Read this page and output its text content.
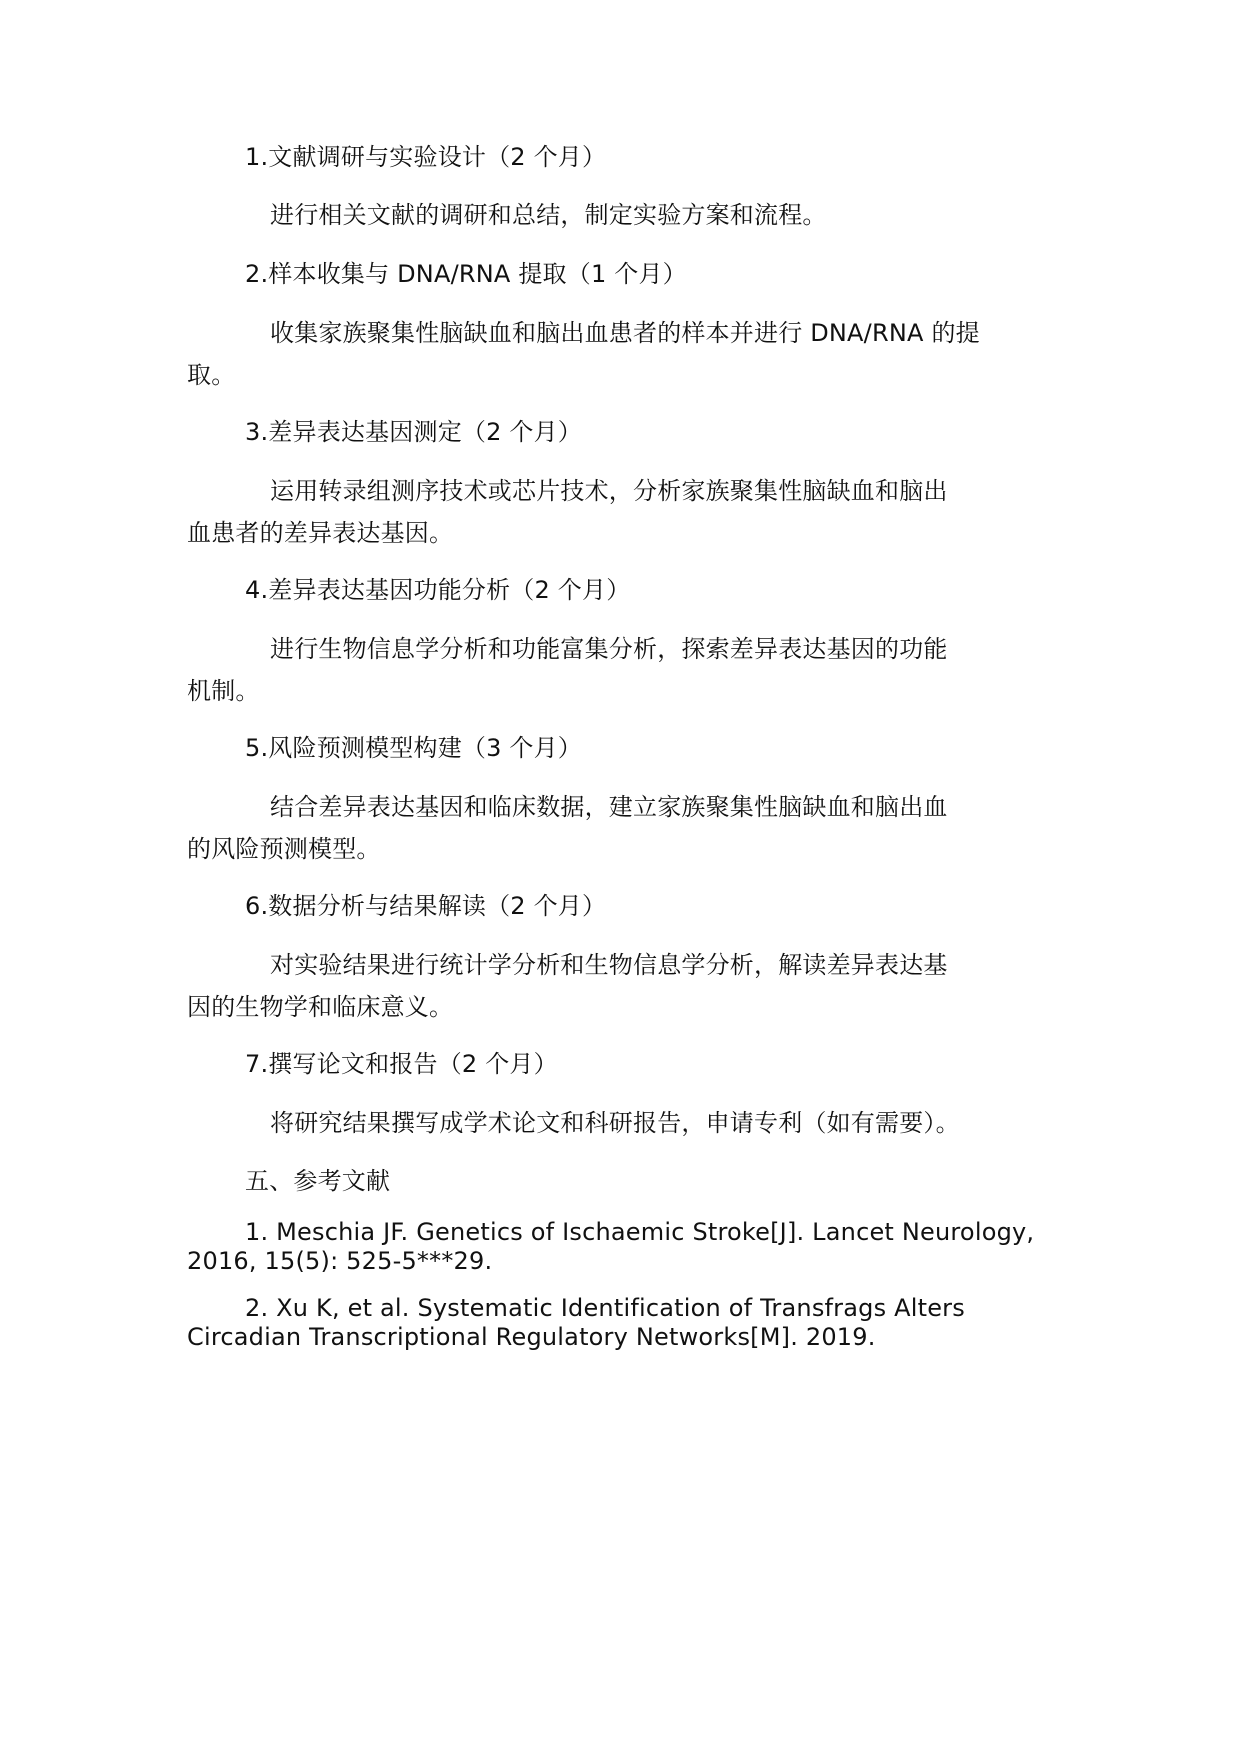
1.文献调研与实验设计（2 个月）
进行相关文献的调研和总结，制定实验方案和流程。
2.样本收集与 DNA/RNA 提取（1 个月）
收集家族聚集性脑缺血和脑出血患者的样本并进行 DNA/RNA 的提
取。
3.差异表达基因测定（2 个月）
运用转录组测序技术或芯片技术，分析家族聚集性脑缺血和脑出
血患者的差异表达基因。
4.差异表达基因功能分析（2 个月）
进行生物信息学分析和功能富集分析，探索差异表达基因的功能
机制。
5.风险预测模型构建（3 个月）
结合差异表达基因和临床数据，建立家族聚集性脑缺血和脑出血
的风险预测模型。
6.数据分析与结果解读（2 个月）
对实验结果进行统计学分析和生物信息学分析，解读差异表达基
因的生物学和临床意义。
7.撰写论文和报告（2 个月）
将研究结果撰写成学术论文和科研报告，申请专利（如有需要）。
五、参考文献
1. Meschia JF. Genetics of Ischaemic Stroke[J]. Lancet Neurology,
2016, 15(5): 525-5***29.
2. Xu K, et al. Systematic Identification of Transfrags Alters
Circadian Transcriptional Regulatory Networks[M]. 2019.
